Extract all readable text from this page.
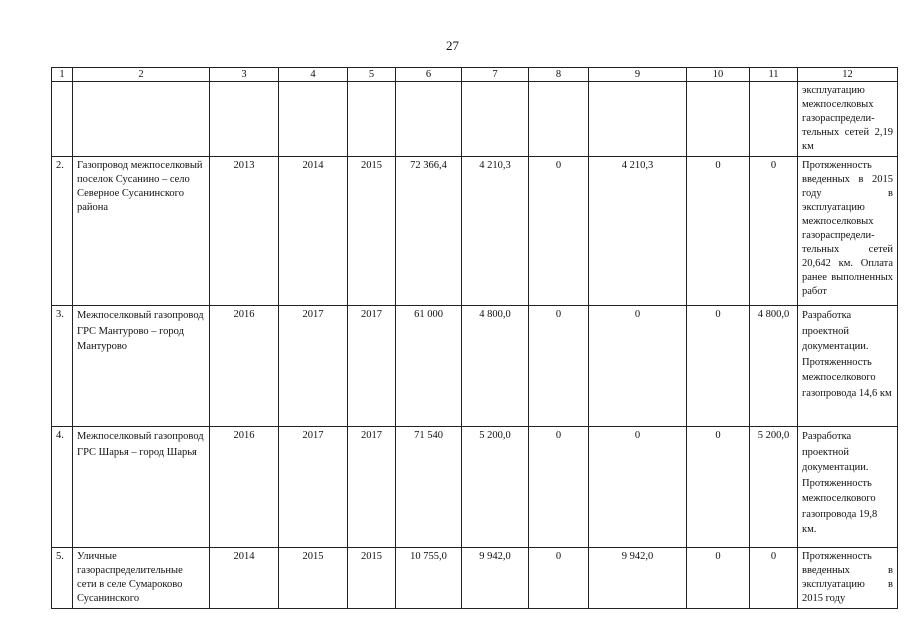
27
1	2	3	4	5	6	7	8	9	10	11	12
											эксплуатацию межпоселковых газораспредели-тельных сетей 2,19 км
2.	Газопровод межпоселковый поселок Сусанино – село Северное Сусанинского района	2013	2014	2015	72 366,4	4 210,3	0	4 210,3	0	0	Протяженность введенных в 2015 году в эксплуатацию межпоселковых газораспредели-тельных сетей 20,642 км. Оплата ранее выполненных работ
3.	Межпоселковый газопровод ГРС Мантурово – город Мантурово	2016	2017	2017	61 000	4 800,0	0	0	0	4 800,0	Разработка проектной документации. Протяженность межпоселкового газопровода 14,6 км
4.	Межпоселковый газопровод ГРС Шарья – город Шарья	2016	2017	2017	71 540	5 200,0	0	0	0	5 200,0	Разработка проектной документации. Протяженность межпоселкового газопровода 19,8 км.
5.	Уличные газораспределительные сети в селе Сумароково Сусанинского	2014	2015	2015	10 755,0	9 942,0	0	9 942,0	0	0	Протяженность введенных в эксплуатацию в 2015 году
